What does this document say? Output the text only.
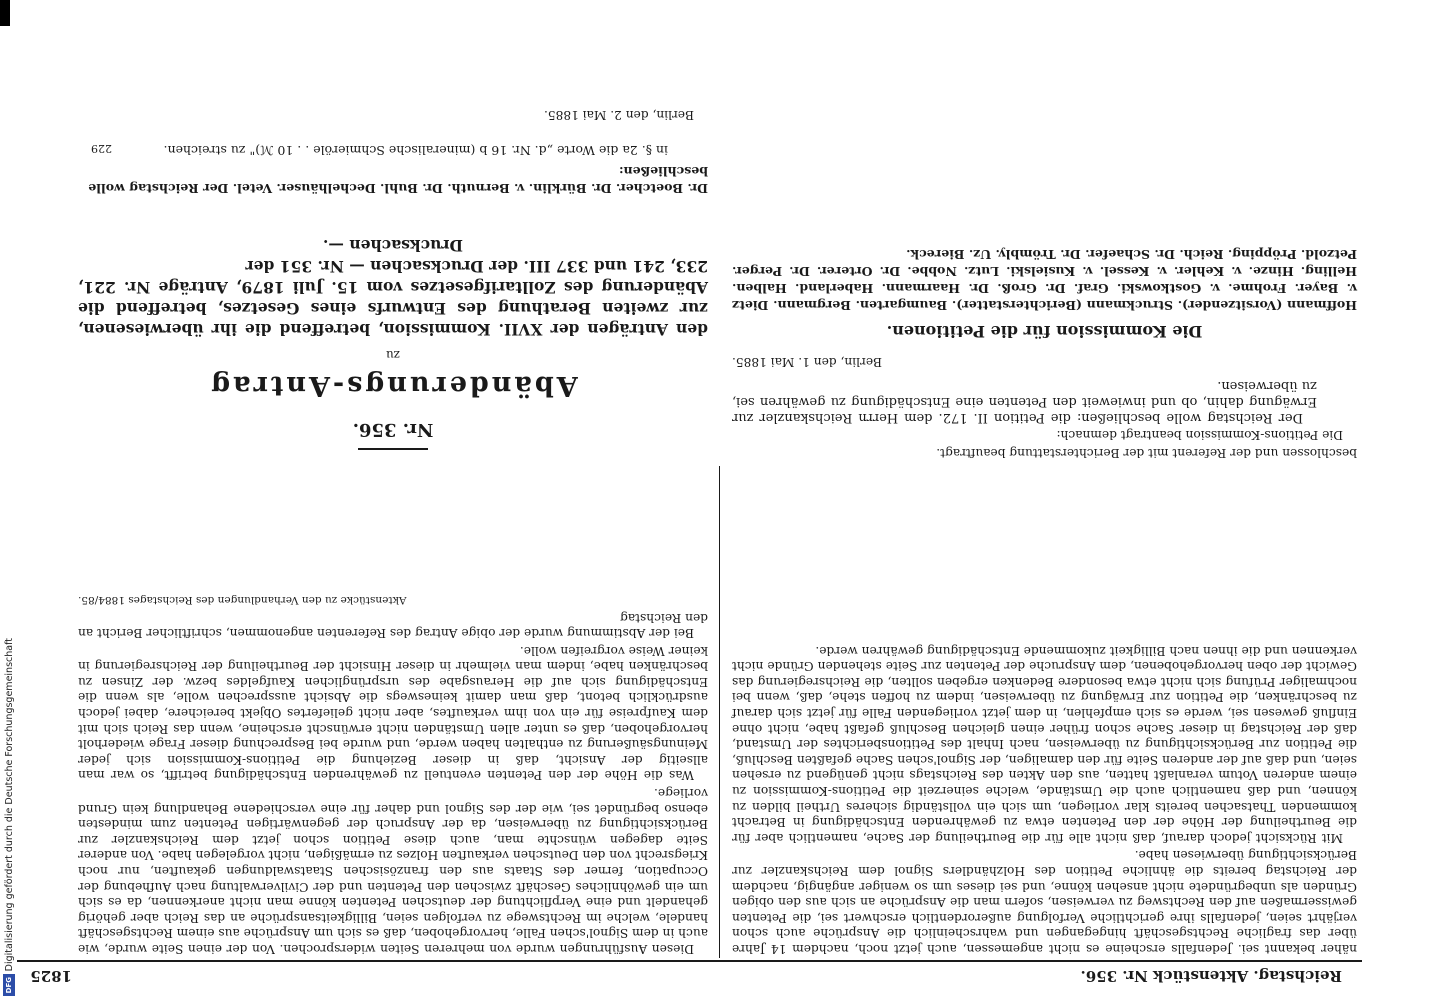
Reichstag. Aktenstück Nr. 356.
1825

näher bekannt sei. Jedenfalls erscheine es nicht angemessen, auch jetzt noch, nachdem 14 Jahre über das fragliche Rechtsgeschäft hingegangen und wahrscheinlich die Ansprüche auch schon verjährt seien, jedenfalls ihre gerichtliche Verfolgung außerordentlich erschwert sei, die Petenten gewissermaßen auf den Rechtsweg zu verweisen, sofern man die Ansprüche an sich aus den obigen Gründen als unbegründete nicht ansehen könne, und sei dieses um so weniger angängig, nachdem der Reichstag bereits die ähnliche Petition des Holzhändlers Signol dem Reichskanzler zur Berücksichtigung überwiesen habe.

Mit Rücksicht jedoch darauf, daß nicht alle für die Beurtheilung der Sache, namentlich aber für die Beurtheilung der Höhe der den Petenten etwa zu gewährenden Entschädigung in Betracht kommenden Thatsachen bereits klar vorliegen, um sich ein vollständig sicheres Urtheil bilden zu können, und daß namentlich auch die Umstände, welche seinerzeit die Petitions-Kommission zu einem anderen Votum veranlaßt hatten, aus den Akten des Reichstags nicht genügend zu ersehen seien, und daß auf der anderen Seite für den damaligen, der Signol'schen Sache gefaßten Beschluß, die Petition zur Berücksichtigung zu überweisen, nach Inhalt des Petitionsberichtes der Umstand, daß der Reichstag in dieser Sache schon früher einen gleichen Beschluß gefaßt habe, nicht ohne Einfluß gewesen sei, werde es sich empfehlen, in dem jetzt vorliegenden Falle für jetzt sich darauf zu beschränken, die Petition zur Erwägung zu überweisen, indem zu hoffen stehe, daß, wenn bei nochmaliger Prüfung sich nicht etwa besondere Bedenken ergeben sollten, die Reichsregierung das Gewicht der oben hervorgehobenen, dem Anspruche der Petenten zur Seite stehenden Gründe nicht verkennen und die ihnen nach Billigkeit zukommende Entschädigung gewähren werde.

Diesen Ausführungen wurde von mehreren Seiten widersprochen. Von der einen Seite wurde, wie auch in dem Signol'schen Falle, hervorgehoben, daß es sich um Ansprüche aus einem Rechtsgeschäft handele, welche im Rechtswege zu verfolgen seien, Billigkeitsansprüche an das Reich aber gehörig gehandelt und eine Verpflichtung der deutschen Petenten könne man nicht anerkennen, da es sich um ein gewöhnliches Geschäft zwischen den Petenten und der Civilverwaltung nach Aufhebung der Occupation, ferner des Staats aus den französischen Staatswaldungen gekauften, nur noch Kriegsrecht von den Deutschen verkauften Holzes zu ermäßigen, nicht vorgelegen habe. Von anderer Seite dagegen wünschte man, auch diese Petition schon jetzt dem Reichskanzler zur Berücksichtigung zu überweisen, da der Anspruch der gegenwärtigen Petenten zum mindesten ebenso begründet sei, wie der des Signol und daher für eine verschiedene Behandlung kein Grund vorliege.

Was die Höhe der den Petenten eventuell zu gewährenden Entschädigung betrifft, so war man allseitig der Ansicht, daß in dieser Beziehung die Petitions-Kommission sich jeder Meinungsäußerung zu enthalten haben werde, und wurde bei Besprechung dieser Frage wiederholt hervorgehoben, daß es unter allen Umständen nicht erwünscht erscheine, wenn das Reich sich mit dem Kaufpreise für ein von ihm verkauftes, aber nicht geliefertes Objekt bereichere, dabei jedoch ausdrücklich betont, daß man damit keineswegs die Absicht aussprechen wolle, als wenn die Entschädigung sich auf die Herausgabe des ursprünglichen Kaufgeldes bezw. der Zinsen zu beschränken habe, indem man vielmehr in dieser Hinsicht der Beurtheilung der Reichsregierung in keiner Weise vorgreifen wolle.

Bei der Abstimmung wurde der obige Antrag des Referenten angenommen, schriftlicher Bericht an den Reichstag

Aktenstücke zu den Verhandlungen des Reichstages 1884/85.

beschlossen und der Referent mit der Berichterstattung beauftragt.

Die Petitions-Kommission beantragt demnach:

Der Reichstag wolle beschließen: die Petition II. 172. dem Herrn Reichskanzler zur Erwägung dahin, ob und inwieweit den Petenten eine Entschädigung zu gewähren sei, zu überweisen.

Berlin, den 1. Mai 1885.
Die Kommission für die Petitionen.
Hoffmann (Vorsitzender). Struckmann (Berichterstatter). Baumgarten. Bergmann. Dietz v. Bayer. Frohme. v. Gostkowski. Graf. Dr. Groß. Dr. Haarmann. Haberland. Halben. Helling. Hinze. v. Kehler. v. Kessel. v. Kusielski. Lutz. Nobbe. Dr. Orterer. Dr. Perger. Petzold. Pröpping. Reich. Dr. Schaefer. Dr. Trömbly. Uz. Biereck.
Nr. 356.
Abänderungs-Antrag
zu
den Anträgen der XVII. Kommission, betreffend die ihr überwiesenen, zur zweiten Berathung des Entwurfs eines Gesetzes, betreffend die Abänderung des Zolltarifgesetzes vom 15. Juli 1879, Anträge Nr. 221, 233, 241 und 337 III. der Drucksachen — Nr. 351 der
Drucksachen —.
Dr. Boetcher. Dr. Bürklin. v. Bernuth. Dr. Buhl. Dechelhäuser. Vetel. Der Reichstag wolle beschließen:
in §. 2a die Worte „d. Nr. 16 b (mineralische Schmieröle . . 10 ℳ)" zu streichen.
Berlin, den 2. Mai 1885.
229
DFG
Digitalisierung gefördert durch die Deutsche Forschungsgemeinschaft
